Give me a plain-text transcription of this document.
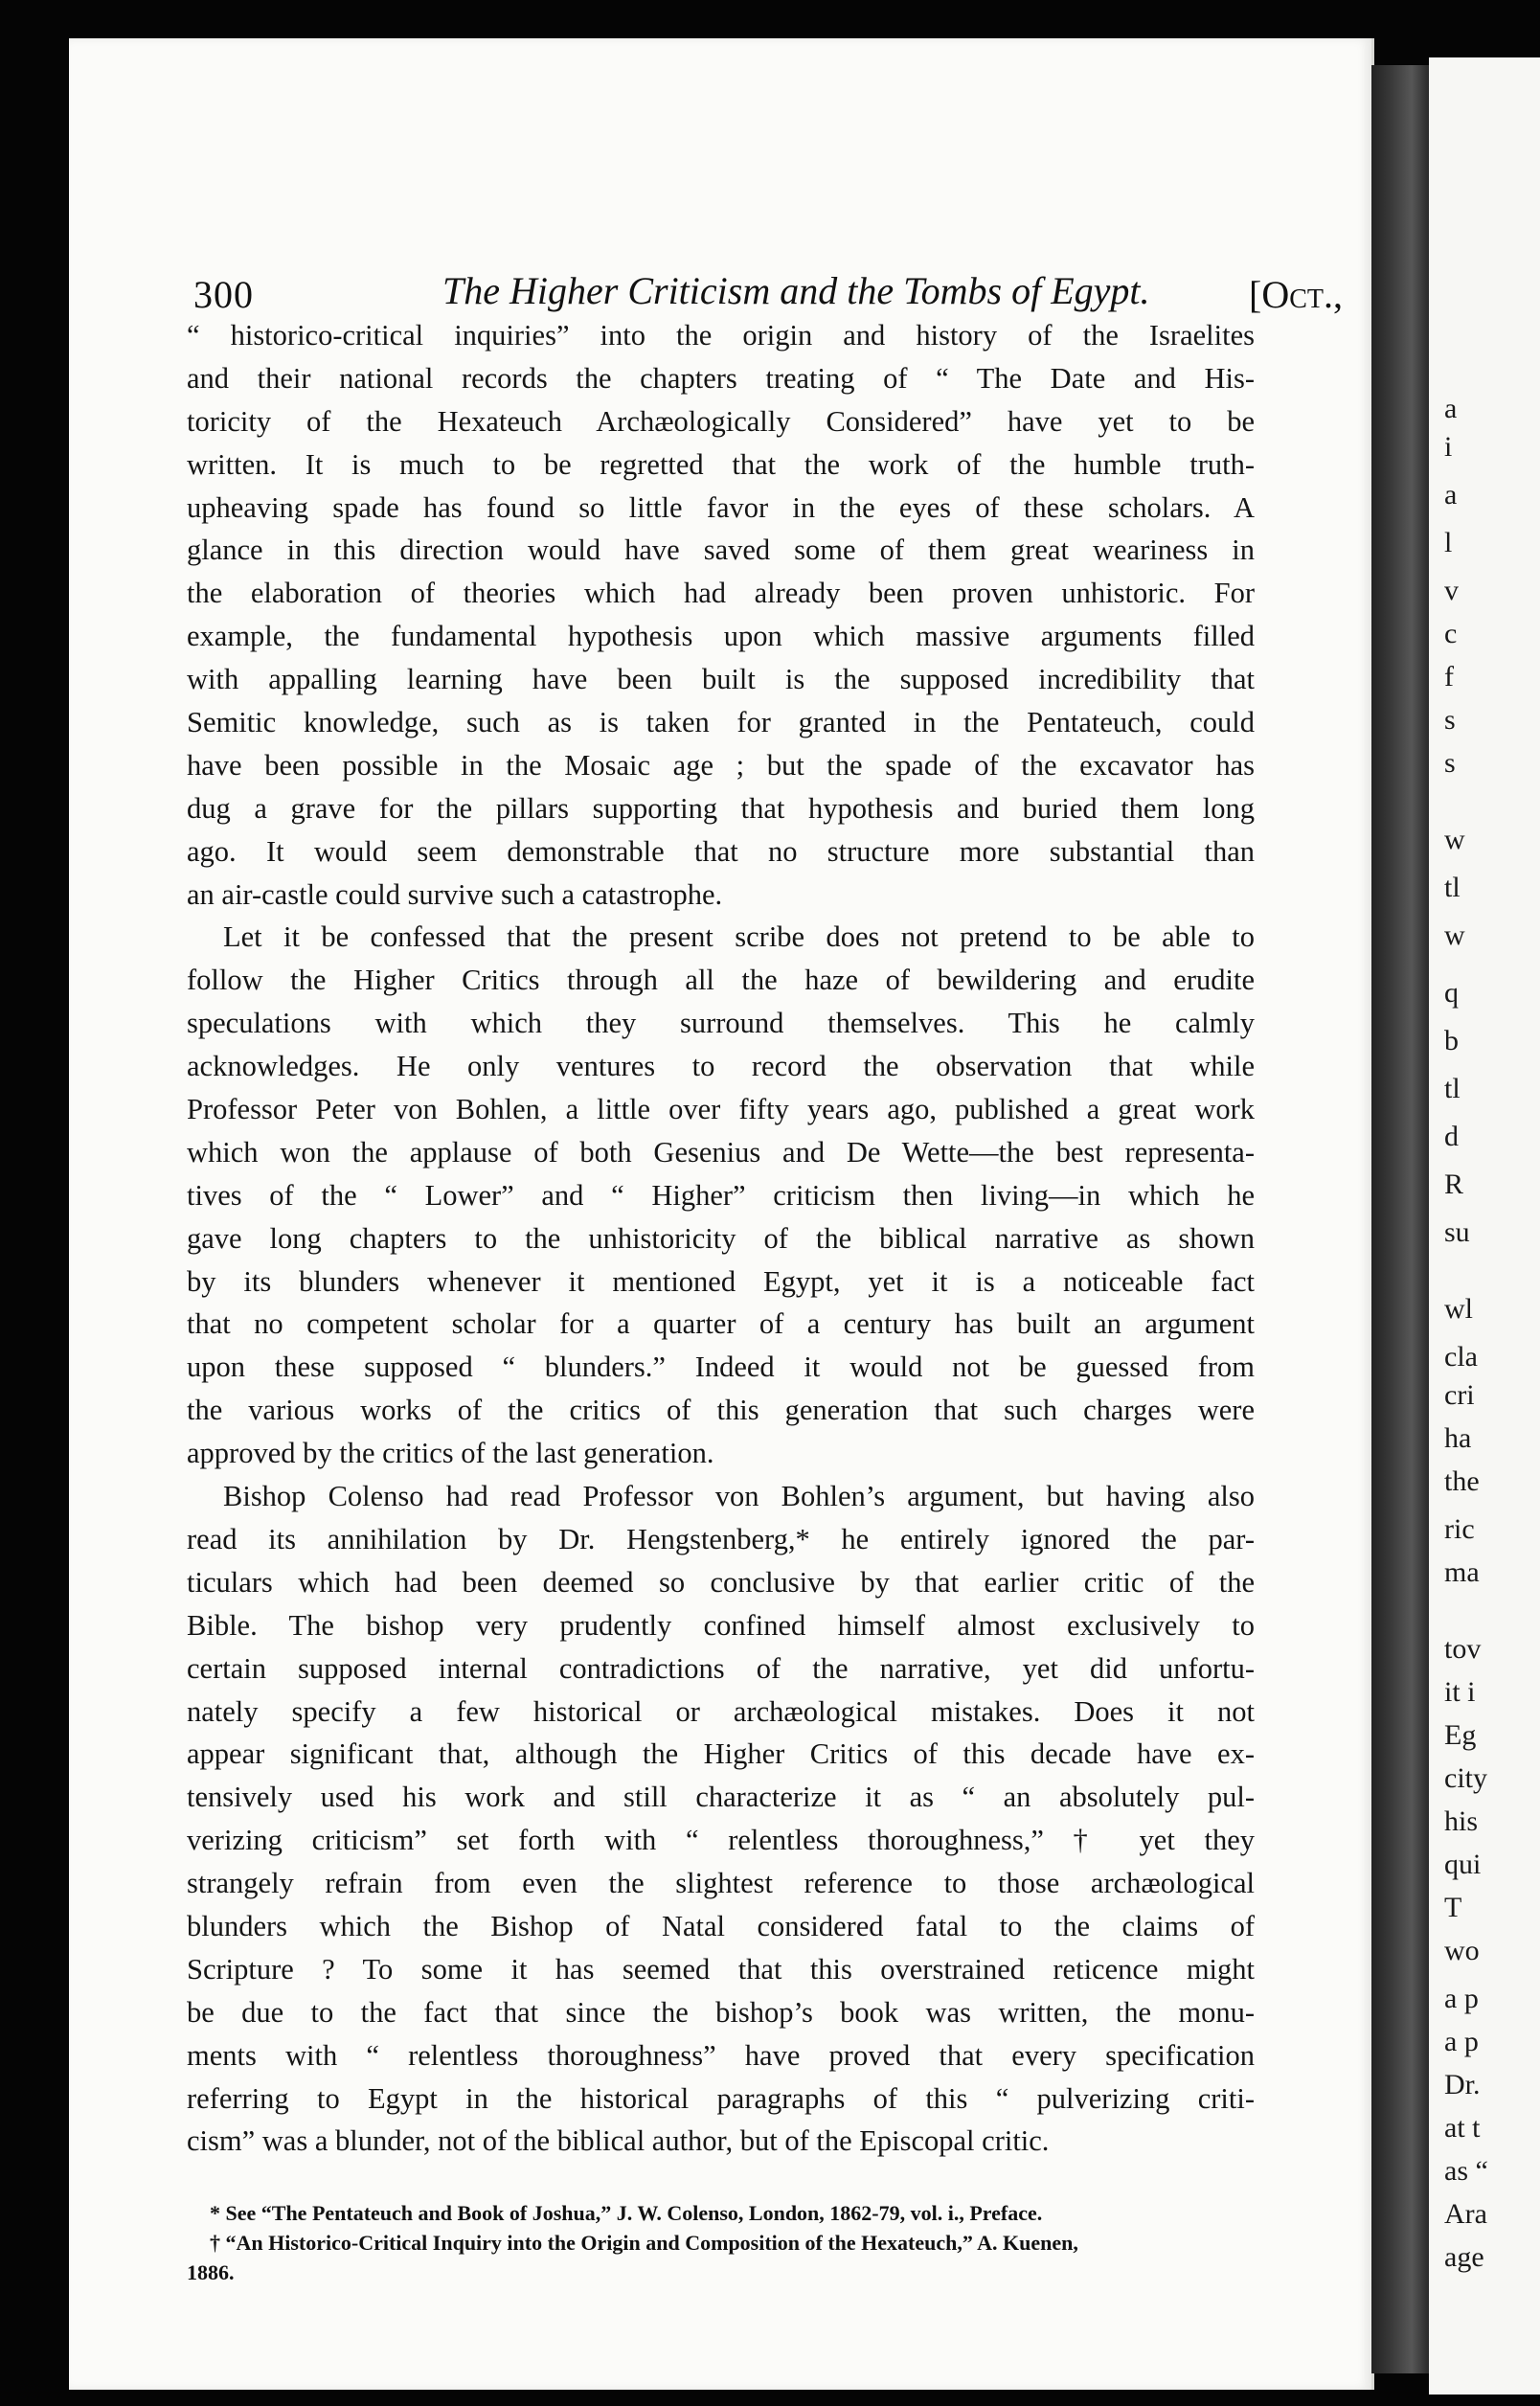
300	The Higher Criticism and the Tombs of Egypt.	[Oct.,
a
i
a
l
v
c
f
s
s
w
tl
w
q
b
tl
d
R
su
wl
cla
cri
ha
the
ric
ma
tov
it i
Eg
city
his
qui
T
wo
a p
a p
Dr.
at t
as “
Ara
age
“ historico-critical inquiries” into the origin and history of the Israelites
and their national records the chapters treating of “ The Date and His-
toricity of the Hexateuch Archæologically Considered” have yet to be
written. It is much to be regretted that the work of the humble truth-
upheaving spade has found so little favor in the eyes of these scholars. A
glance in this direction would have saved some of them great weariness in
the elaboration of theories which had already been proven unhistoric. For
example, the fundamental hypothesis upon which massive arguments filled
with appalling learning have been built is the supposed incredibility that
Semitic knowledge, such as is taken for granted in the Pentateuch, could
have been possible in the Mosaic age ; but the spade of the excavator has
dug a grave for the pillars supporting that hypothesis and buried them long
ago. It would seem demonstrable that no structure more substantial than
an air-castle could survive such a catastrophe.
Let it be confessed that the present scribe does not pretend to be able to
follow the Higher Critics through all the haze of bewildering and erudite
speculations with which they surround themselves. This he calmly
acknowledges. He only ventures to record the observation that while
Professor Peter von Bohlen, a little over fifty years ago, published a great work
which won the applause of both Gesenius and De Wette—the best representa-
tives of the “ Lower” and “ Higher” criticism then living—in which he
gave long chapters to the unhistoricity of the biblical narrative as shown
by its blunders whenever it mentioned Egypt, yet it is a noticeable fact
that no competent scholar for a quarter of a century has built an argument
upon these supposed “ blunders.” Indeed it would not be guessed from
the various works of the critics of this generation that such charges were
approved by the critics of the last generation.
Bishop Colenso had read Professor von Bohlen’s argument, but having also
read its annihilation by Dr. Hengstenberg,* he entirely ignored the par-
ticulars which had been deemed so conclusive by that earlier critic of the
Bible. The bishop very prudently confined himself almost exclusively to
certain supposed internal contradictions of the narrative, yet did unfortu-
nately specify a few historical or archæological mistakes. Does it not
appear significant that, although the Higher Critics of this decade have ex-
tensively used his work and still characterize it as “ an absolutely pul-
verizing criticism” set forth with “ relentless thoroughness,” † yet they
strangely refrain from even the slightest reference to those archæological
blunders which the Bishop of Natal considered fatal to the claims of
Scripture ? To some it has seemed that this overstrained reticence might
be due to the fact that since the bishop’s book was written, the monu-
ments with “ relentless thoroughness” have proved that every specification
referring to Egypt in the historical paragraphs of this “ pulverizing criti-
cism” was a blunder, not of the biblical author, but of the Episcopal critic.
* See “The Pentateuch and Book of Joshua,” J. W. Colenso, London, 1862-79, vol. i., Preface.
† “An Historico-Critical Inquiry into the Origin and Composition of the Hexateuch,” A. Kuenen,
1886.
